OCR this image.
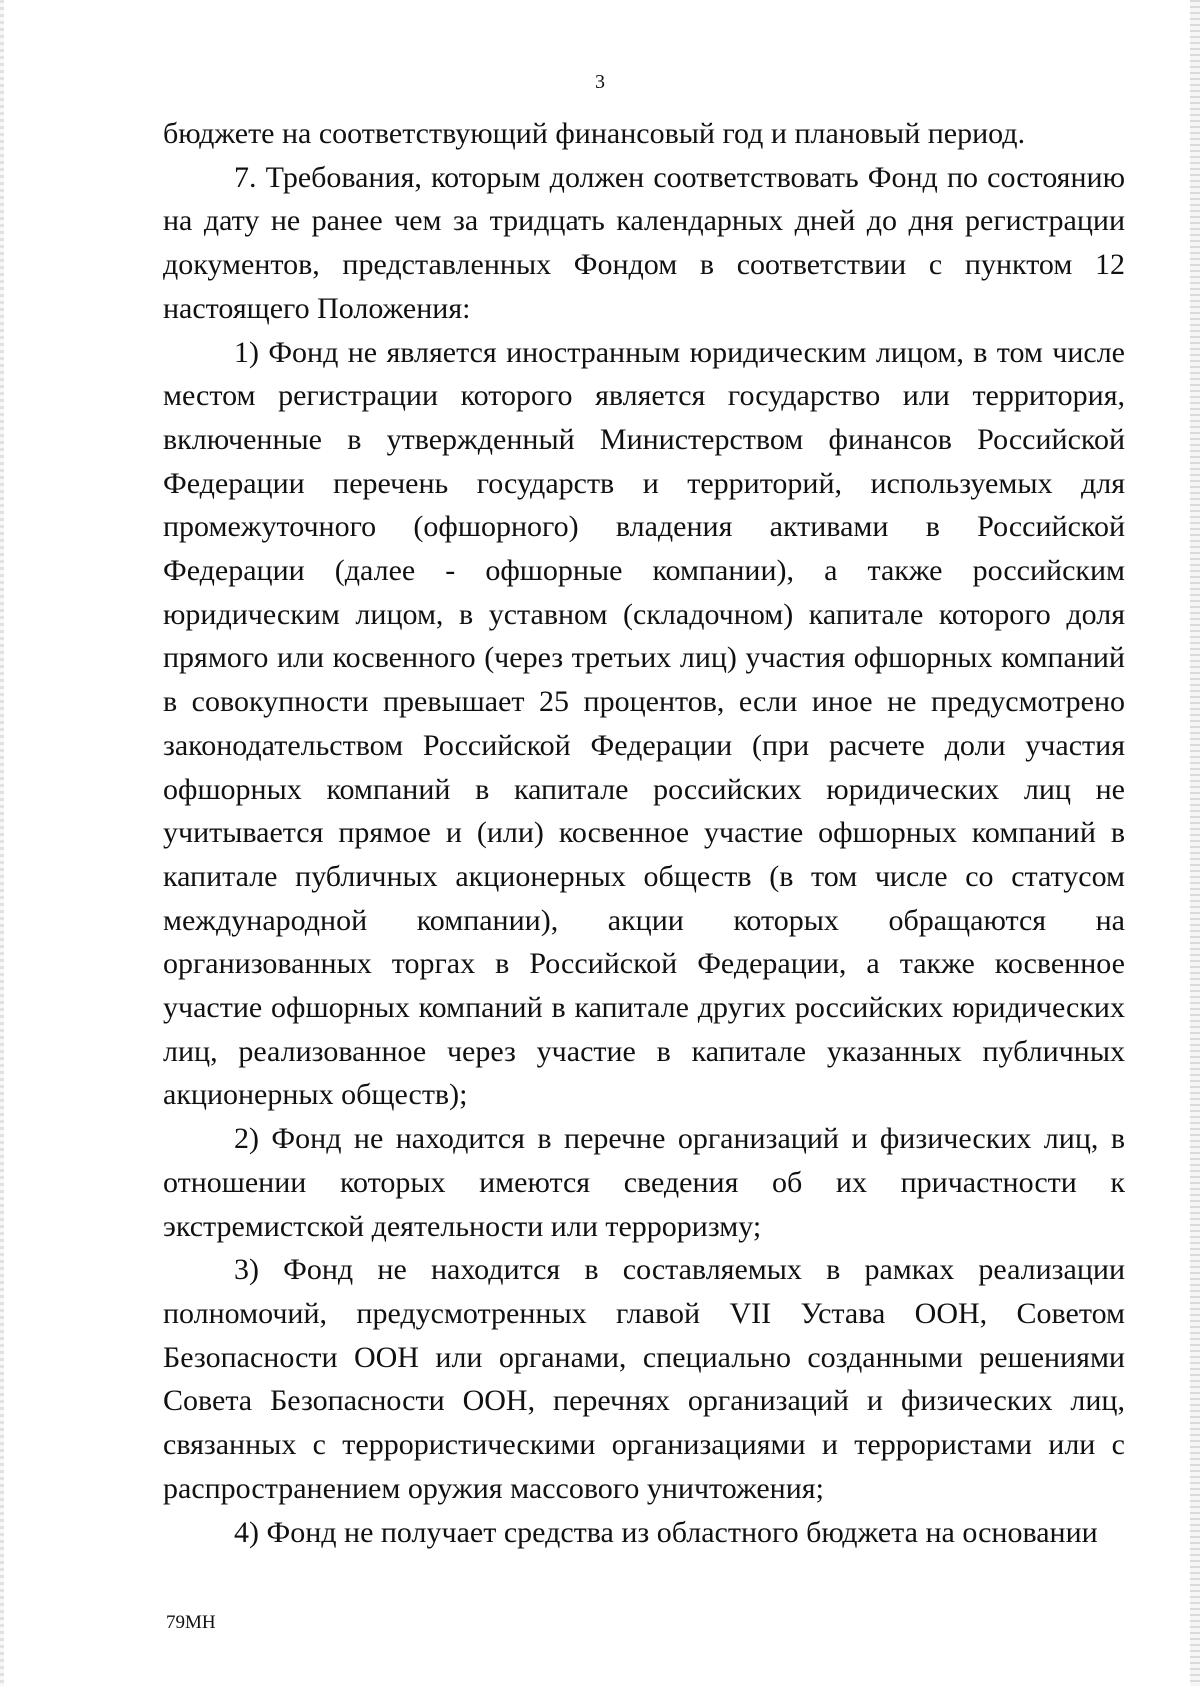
3

бюджете на соответствующий финансовый год и плановый период.

7. Требования, которым должен соответствовать Фонд по состоянию на дату не ранее чем за тридцать календарных дней до дня регистрации документов, представленных Фондом в соответствии с пунктом 12 настоящего Положения:

1) Фонд не является иностранным юридическим лицом, в том числе местом регистрации которого является государство или территория, включенные в утвержденный Министерством финансов Российской Федерации перечень государств и территорий, используемых для промежуточного (офшорного) владения активами в Российской Федерации (далее - офшорные компании), а также российским юридическим лицом, в уставном (складочном) капитале которого доля прямого или косвенного (через третьих лиц) участия офшорных компаний в совокупности превышает 25 процентов, если иное не предусмотрено законодательством Российской Федерации (при расчете доли участия офшорных компаний в капитале российских юридических лиц не учитывается прямое и (или) косвенное участие офшорных компаний в капитале публичных акционерных обществ (в том числе со статусом международной компании), акции которых обращаются на организованных торгах в Российской Федерации, а также косвенное участие офшорных компаний в капитале других российских юридических лиц, реализованное через участие в капитале указанных публичных акционерных обществ);

2) Фонд не находится в перечне организаций и физических лиц, в отношении которых имеются сведения об их причастности к экстремистской деятельности или терроризму;

3) Фонд не находится в составляемых в рамках реализации полномочий, предусмотренных главой VII Устава ООН, Советом Безопасности ООН или органами, специально созданными решениями Совета Безопасности ООН, перечнях организаций и физических лиц, связанных с террористическими организациями и террористами или с распространением оружия массового уничтожения;

4) Фонд не получает средства из областного бюджета на основании

79МН
